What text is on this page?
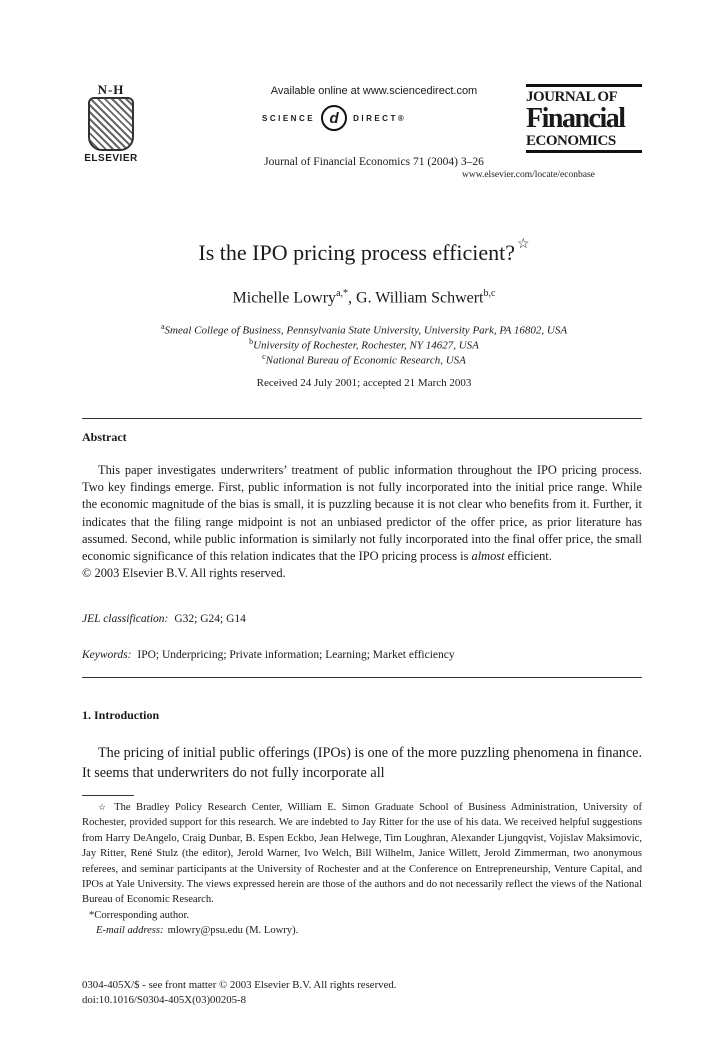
N-H
ELSEVIER
Available online at www.sciencedirect.com
SCIENCE d	DIRECT®
Journal of Financial Economics 71 (2004) 3–26
JOURNAL OF
Financial
ECONOMICS
www.elsevier.com/locate/econbase
Is the IPO pricing process efficient? ☆
Michelle Lowry$^{a,*}$, G. William Schwert$^{b,c}$
$^a$Smeal College of Business, Pennsylvania State University, University Park, PA 16802, USA
$^b$University of Rochester, Rochester, NY 14627, USA
$^c$National Bureau of Economic Research, USA
Received 24 July 2001; accepted 21 March 2003
Abstract
This paper investigates underwriters’ treatment of public information throughout the IPO pricing process. Two key findings emerge. First, public information is not fully incorporated into the initial price range. While the economic magnitude of the bias is small, it is puzzling because it is not clear who benefits from it. Further, it indicates that the filing range midpoint is not an unbiased predictor of the offer price, as prior literature has assumed. Second, while public information is similarly not fully incorporated into the final offer price, the small economic significance of this relation indicates that the IPO pricing process is almost efficient.
© 2003 Elsevier B.V. All rights reserved.
JEL classification: G32; G24; G14
Keywords: IPO; Underpricing; Private information; Learning; Market efficiency
1. Introduction
The pricing of initial public offerings (IPOs) is one of the more puzzling phenomena in finance. It seems that underwriters do not fully incorporate all
☆ The Bradley Policy Research Center, William E. Simon Graduate School of Business Administration, University of Rochester, provided support for this research. We are indebted to Jay Ritter for the use of his data. We received helpful suggestions from Harry DeAngelo, Craig Dunbar, B. Espen Eckbo, Jean Helwege, Tim Loughran, Alexander Ljungqvist, Vojislav Maksimovic, Jay Ritter, René Stulz (the editor), Jerold Warner, Ivo Welch, Bill Wilhelm, Janice Willett, Jerold Zimmerman, two anonymous referees, and seminar participants at the University of Rochester and at the Conference on Entrepreneurship, Venture Capital, and IPOs at Yale University. The views expressed herein are those of the authors and do not necessarily reflect the views of the National Bureau of Economic Research.
*Corresponding author.
E-mail address: mlowry@psu.edu (M. Lowry).
0304-405X/$ - see front matter © 2003 Elsevier B.V. All rights reserved.
doi:10.1016/S0304-405X(03)00205-8
